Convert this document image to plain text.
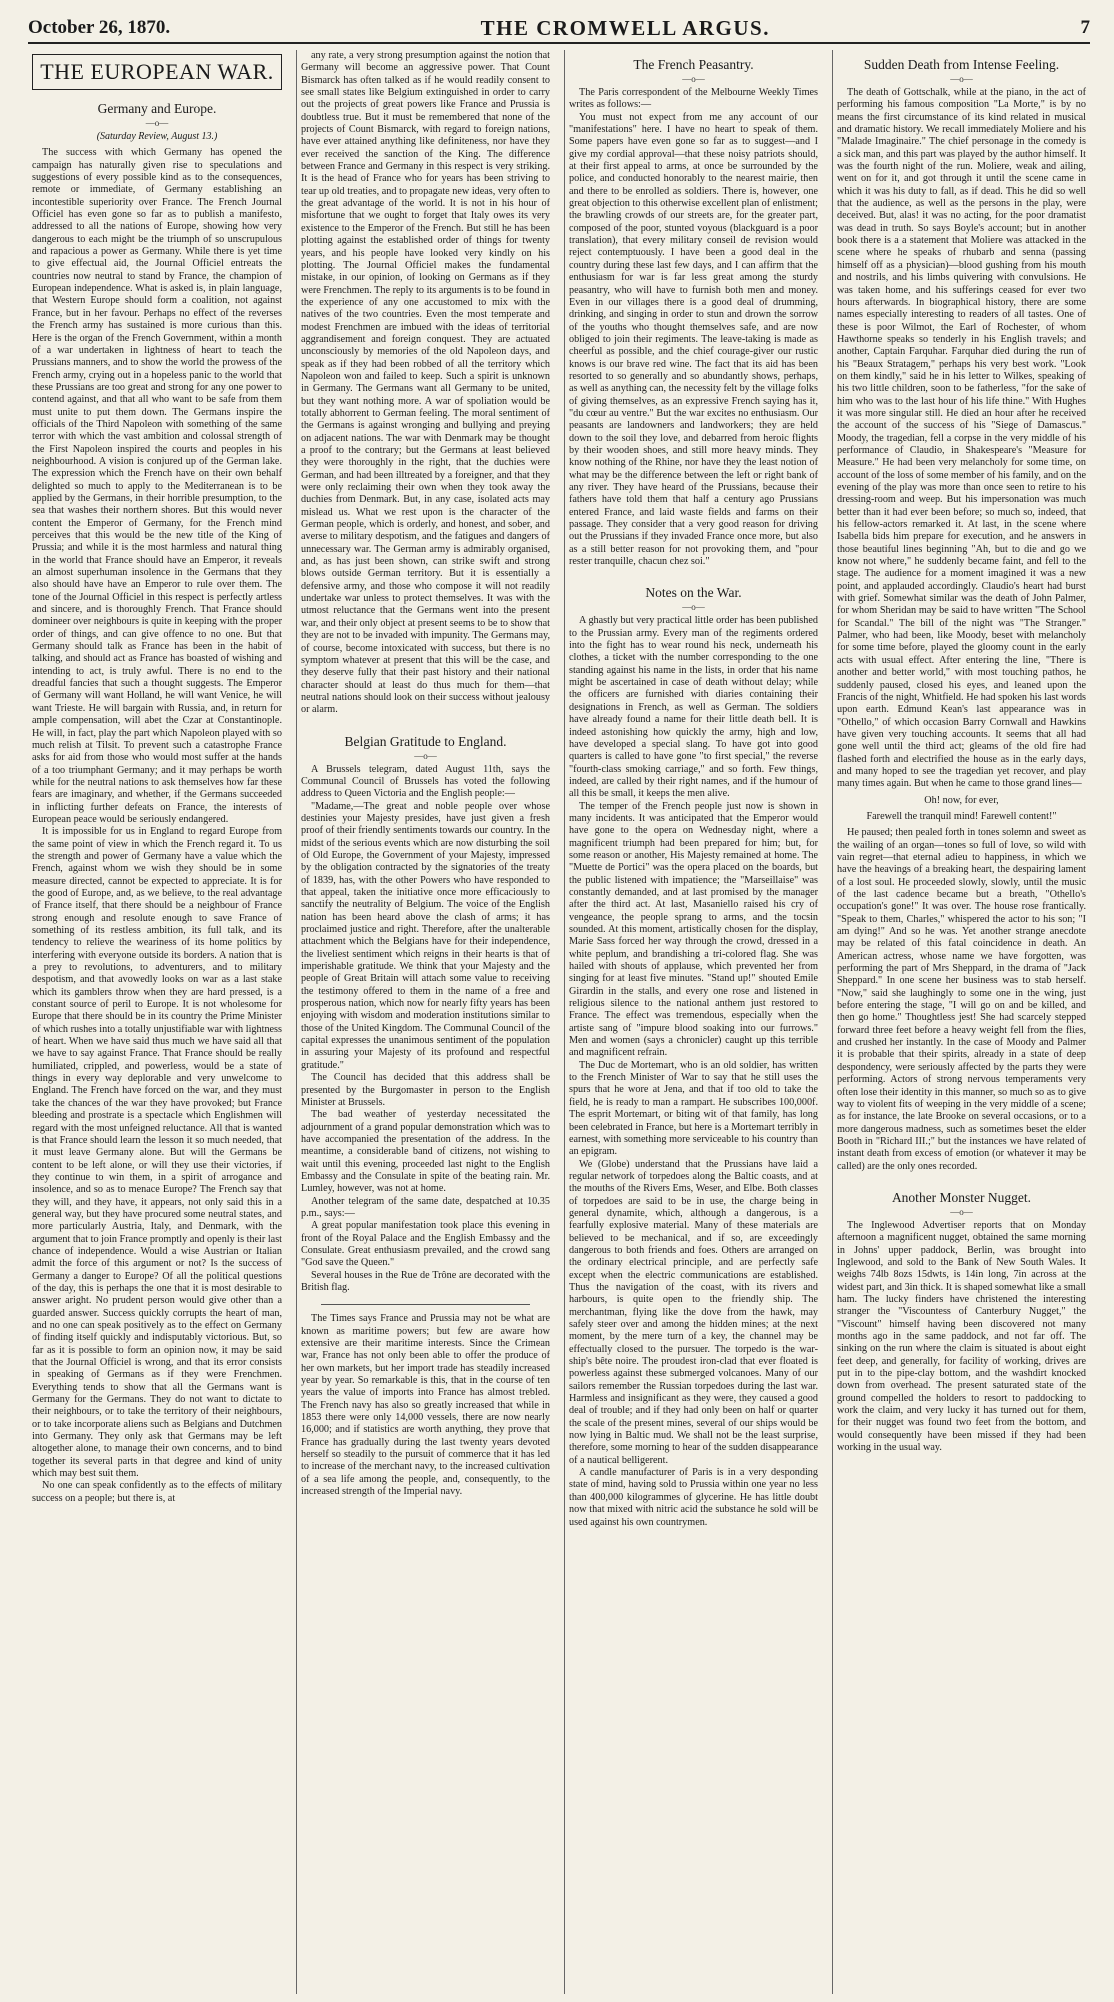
October 26, 1870.	THE CROMWELL ARGUS.	7
THE EUROPEAN WAR.
Germany and Europe.
—o—
(Saturday Review, August 13.)

The success with which Germany has opened the campaign has naturally given rise to speculations and suggestions of every possible kind as to the consequences, remote or immediate, of Germany establishing an incontestible superiority over France. The French Journal Officiel has even gone so far as to publish a manifesto, addressed to all the nations of Europe, showing how very dangerous to each might be the triumph of so unscrupulous and rapacious a power as Germany. While there is yet time to give effectual aid, the Journal Officiel entreats the countries now neutral to stand by France, the champion of European independence. What is asked is, in plain language, that Western Europe should form a coalition, not against France, but in her favour. Perhaps no effect of the reverses the French army has sustained is more curious than this. Here is the organ of the French Government, within a month of a war undertaken in lightness of heart to teach the Prussians manners, and to show the world the prowess of the French army, crying out in a hopeless panic to the world that these Prussians are too great and strong for any one power to contend against, and that all who want to be safe from them must unite to put them down. The Germans inspire the officials of the Third Napoleon with something of the same terror with which the vast ambition and colossal strength of the First Napoleon inspired the courts and peoples in his neighbourhood. A vision is conjured up of the German lake. The expression which the French have on their own behalf delighted so much to apply to the Mediterranean is to be applied by the Germans, in their horrible presumption, to the sea that washes their northern shores. But this would never content the Emperor of Germany, for the French mind perceives that this would be the new title of the King of Prussia; and while it is the most harmless and natural thing in the world that France should have an Emperor, it reveals an almost superhuman insolence in the Germans that they also should have have an Emperor to rule over them. The tone of the Journal Officiel in this respect is perfectly artless and sincere, and is thoroughly French. That France should domineer over neighbours is quite in keeping with the proper order of things, and can give offence to no one. But that Germany should talk as France has been in the habit of talking, and should act as France has boasted of wishing and intending to act, is truly awful. There is no end to the dreadful fancies that such a thought suggests. The Emperor of Germany will want Holland, he will want Venice, he will want Trieste. He will bargain with Russia, and, in return for ample compensation, will abet the Czar at Constantinople. He will, in fact, play the part which Napoleon played with so much relish at Tilsit. To prevent such a catastrophe France asks for aid from those who would most suffer at the hands of a too triumphant Germany; and it may perhaps be worth while for the neutral nations to ask themselves how far these fears are imaginary, and whether, if the Germans succeeded in inflicting further defeats on France, the interests of European peace would be seriously endangered.

It is impossible for us in England to regard Europe from the same point of view in which the French regard it. To us the strength and power of Germany have a value which the French, against whom we wish they should be in some measure directed, cannot be expected to appreciate. It is for the good of Europe, and, as we believe, to the real advantage of France itself, that there should be a neighbour of France strong enough and resolute enough to save France of something of its restless ambition, its full talk, and its tendency to relieve the weariness of its home politics by interfering with everyone outside its borders. A nation that is a prey to revolutions, to adventurers, and to military despotism, and that avowedly looks on war as a last stake which its gamblers throw when they are hard pressed, is a constant source of peril to Europe. It is not wholesome for Europe that there should be in its country the Prime Minister of which rushes into a totally unjustifiable war with lightness of heart. When we have said thus much we have said all that we have to say against France. That France should be really humiliated, crippled, and powerless, would be a state of things in every way deplorable and very unwelcome to England. The French have forced on the war, and they must take the chances of the war they have provoked; but France bleeding and prostrate is a spectacle which Englishmen will regard with the most unfeigned reluctance. All that is wanted is that France should learn the lesson it so much needed, that it must leave Germany alone. But will the Germans be content to be left alone, or will they use their victories, if they continue to win them, in a spirit of arrogance and insolence, and so as to menace Europe? The French say that they will, and they have, it appears, not only said this in a general way, but they have procured some neutral states, and more particularly Austria, Italy, and Denmark, with the argument that to join France promptly and openly is their last chance of independence. Would a wise Austrian or Italian admit the force of this argument or not? Is the success of Germany a danger to Europe? Of all the political questions of the day, this is perhaps the one that it is most desirable to answer aright. No prudent person would give other than a guarded answer. Success quickly corrupts the heart of man, and no one can speak positively as to the effect on Germany of finding itself quickly and indisputably victorious. But, so far as it is possible to form an opinion now, it may be said that the Journal Officiel is wrong, and that its error consists in speaking of Germans as if they were Frenchmen. Everything tends to show that all the Germans want is Germany for the Germans. They do not want to dictate to their neighbours, or to take the territory of their neighbours, or to take incorporate aliens such as Belgians and Dutchmen into Germany. They only ask that Germans may be left altogether alone, to manage their own concerns, and to bind together its several parts in that degree and kind of unity which may best suit them.

No one can speak confidently as to the effects of military success on a people; but there is, at

any rate, a very strong presumption against the notion that Germany will become an aggressive power. That Count Bismarck has often talked as if he would readily consent to see small states like Belgium extinguished in order to carry out the projects of great powers like France and Prussia is doubtless true. But it must be remembered that none of the projects of Count Bismarck, with regard to foreign nations, have ever attained anything like definiteness, nor have they ever received the sanction of the King. The difference between France and Germany in this respect is very striking. It is the head of France who for years has been striving to tear up old treaties, and to propagate new ideas, very often to the great advantage of the world. It is not in his hour of misfortune that we ought to forget that Italy owes its very existence to the Emperor of the French. But still he has been plotting against the established order of things for twenty years, and his people have looked very kindly on his plotting. The Journal Officiel makes the fundamental mistake, in our opinion, of looking on Germans as if they were Frenchmen. The reply to its arguments is to be found in the experience of any one accustomed to mix with the natives of the two countries. Even the most temperate and modest Frenchmen are imbued with the ideas of territorial aggrandisement and foreign conquest. They are actuated unconsciously by memories of the old Napoleon days, and speak as if they had been robbed of all the territory which Napoleon won and failed to keep. Such a spirit is unknown in Germany. The Germans want all Germany to be united, but they want nothing more. A war of spoliation would be totally abhorrent to German feeling. The moral sentiment of the Germans is against wronging and bullying and preying on adjacent nations. The war with Denmark may be thought a proof to the contrary; but the Germans at least believed they were thoroughly in the right, that the duchies were German, and had been illtreated by a foreigner, and that they were only reclaiming their own when they took away the duchies from Denmark. But, in any case, isolated acts may mislead us. What we rest upon is the character of the German people, which is orderly, and honest, and sober, and averse to military despotism, and the fatigues and dangers of unnecessary war. The German army is admirably organised, and, as has just been shown, can strike swift and strong blows outside German territory. But it is essentially a defensive army, and those who compose it will not readily undertake war unless to protect themselves. It was with the utmost reluctance that the Germans went into the present war, and their only object at present seems to be to show that they are not to be invaded with impunity. The Germans may, of course, become intoxicated with success, but there is no symptom whatever at present that this will be the case, and they deserve fully that their past history and their national character should at least do thus much for them—that neutral nations should look on their success without jealousy or alarm.

Belgian Gratitude to England.
—o—

A Brussels telegram, dated August 11th, says the Communal Council of Brussels has voted the following address to Queen Victoria and the English people:—

"Madame,—The great and noble people over whose destinies your Majesty presides, have just given a fresh proof of their friendly sentiments towards our country. In the midst of the serious events which are now disturbing the soil of Old Europe, the Government of your Majesty, impressed by the obligation contracted by the signatories of the treaty of 1839, has, with the other Powers who have responded to that appeal, taken the initiative once more efficaciously to sanctify the neutrality of Belgium. The voice of the English nation has been heard above the clash of arms; it has proclaimed justice and right. Therefore, after the unalterable attachment which the Belgians have for their independence, the liveliest sentiment which reigns in their hearts is that of imperishable gratitude. We think that your Majesty and the people of Great Britain will attach some value to receiving the testimony offered to them in the name of a free and prosperous nation, which now for nearly fifty years has been enjoying with wisdom and moderation institutions similar to those of the United Kingdom. The Communal Council of the capital expresses the unanimous sentiment of the population in assuring your Majesty of its profound and respectful gratitude."

The Council has decided that this address shall be presented by the Burgomaster in person to the English Minister at Brussels.

The bad weather of yesterday necessitated the adjournment of a grand popular demonstration which was to have accompanied the presentation of the address. In the meantime, a considerable band of citizens, not wishing to wait until this evening, proceeded last night to the English Embassy and the Consulate in spite of the beating rain. Mr. Lumley, however, was not at home.

Another telegram of the same date, despatched at 10.35 p.m., says:—

A great popular manifestation took place this evening in front of the Royal Palace and the English Embassy and the Consulate. Great enthusiasm prevailed, and the crowd sang "God save the Queen."

Several houses in the Rue de Trône are decorated with the British flag.

The Times says France and Prussia may not be what are known as maritime powers; but few are aware how extensive are their maritime interests. Since the Crimean war, France has not only been able to offer the produce of her own markets, but her import trade has steadily increased year by year. So remarkable is this, that in the course of ten years the value of imports into France has almost trebled. The French navy has also so greatly increased that while in 1853 there were only 14,000 vessels, there are now nearly 16,000; and if statistics are worth anything, they prove that France has gradually during the last twenty years devoted herself so steadily to the pursuit of commerce that it has led to increase of the merchant navy, to the increased cultivation of a sea life among the people, and, consequently, to the increased strength of the Imperial navy.

The French Peasantry.
—o—

The Paris correspondent of the Melbourne Weekly Times writes as follows:—

You must not expect from me any account of our "manifestations" here. I have no heart to speak of them. Some papers have even gone so far as to suggest—and I give my cordial approval—that these noisy patriots should, at their first appeal to arms, at once be surrounded by the police, and conducted honorably to the nearest mairie, then and there to be enrolled as soldiers. There is, however, one great objection to this otherwise excellent plan of enlistment; the brawling crowds of our streets are, for the greater part, composed of the poor, stunted voyous (blackguard is a poor translation), that every military conseil de revision would reject contemptuously. I have been a good deal in the country during these last few days, and I can affirm that the enthusiasm for war is far less great among the sturdy peasantry, who will have to furnish both men and money. Even in our villages there is a good deal of drumming, drinking, and singing in order to stun and drown the sorrow of the youths who thought themselves safe, and are now obliged to join their regiments. The leave-taking is made as cheerful as possible, and the chief courage-giver our rustic knows is our brave red wine. The fact that its aid has been resorted to so generally and so abundantly shows, perhaps, as well as anything can, the necessity felt by the village folks of giving themselves, as an expressive French saying has it, "du cœur au ventre." But the war excites no enthusiasm. Our peasants are landowners and landworkers; they are held down to the soil they love, and debarred from heroic flights by their wooden shoes, and still more heavy minds. They know nothing of the Rhine, nor have they the least notion of what may be the difference between the left or right bank of any river. They have heard of the Prussians, because their fathers have told them that half a century ago Prussians entered France, and laid waste fields and farms on their passage. They consider that a very good reason for driving out the Prussians if they invaded France once more, but also as a still better reason for not provoking them, and "pour rester tranquille, chacun chez soi."

Notes on the War.
—o—

A ghastly but very practical little order has been published to the Prussian army. Every man of the regiments ordered into the fight has to wear round his neck, underneath his clothes, a ticket with the number corresponding to the one standing against his name in the lists, in order that his name might be ascertained in case of death without delay; while the officers are furnished with diaries containing their designations in French, as well as German. The soldiers have already found a name for their little death bell. It is indeed astonishing how quickly the army, high and low, have developed a special slang. To have got into good quarters is called to have gone "to first special," the reverse "fourth-class smoking carriage," and so forth. Few things, indeed, are called by their right names, and if the humour of all this be small, it keeps the men alive.

The temper of the French people just now is shown in many incidents. It was anticipated that the Emperor would have gone to the opera on Wednesday night, where a magnificent triumph had been prepared for him; but, for some reason or another, His Majesty remained at home. The "Muette de Portici" was the opera placed on the boards, but the public listened with impatience; the "Marseillaise" was constantly demanded, and at last promised by the manager after the third act. At last, Masaniello raised his cry of vengeance, the people sprang to arms, and the tocsin sounded. At this moment, artistically chosen for the display, Marie Sass forced her way through the crowd, dressed in a white peplum, and brandishing a tri-colored flag. She was hailed with shouts of applause, which prevented her from singing for at least five minutes. "Stand up!" shouted Emile Girardin in the stalls, and every one rose and listened in religious silence to the national anthem just restored to France. The effect was tremendous, especially when the artiste sang of "impure blood soaking into our furrows." Men and women (says a chronicler) caught up this terrible and magnificent refrain.

The Duc de Mortemart, who is an old soldier, has written to the French Minister of War to say that he still uses the spurs that he wore at Jena, and that if too old to take the field, he is ready to man a rampart. He subscribes 100,000f. The esprit Mortemart, or biting wit of that family, has long been celebrated in France, but here is a Mortemart terribly in earnest, with something more serviceable to his country than an epigram.

We (Globe) understand that the Prussians have laid a regular network of torpedoes along the Baltic coasts, and at the mouths of the Rivers Ems, Weser, and Elbe. Both classes of torpedoes are said to be in use, the charge being in general dynamite, which, although a dangerous, is a fearfully explosive material. Many of these materials are believed to be mechanical, and if so, are exceedingly dangerous to both friends and foes. Others are arranged on the ordinary electrical principle, and are perfectly safe except when the electric communications are established. Thus the navigation of the coast, with its rivers and harbours, is quite open to the friendly ship. The merchantman, flying like the dove from the hawk, may safely steer over and among the hidden mines; at the next moment, by the mere turn of a key, the channel may be effectually closed to the pursuer. The torpedo is the war-ship's bête noire. The proudest iron-clad that ever floated is powerless against these submerged volcanoes. Many of our sailors remember the Russian torpedoes during the last war. Harmless and insignificant as they were, they caused a good deal of trouble; and if they had only been on half or quarter the scale of the present mines, several of our ships would be now lying in Baltic mud. We shall not be the least surprise, therefore, some morning to hear of the sudden disappearance of a nautical belligerent.

A candle manufacturer of Paris is in a very desponding state of mind, having sold to Prussia within one year no less than 400,000 kilogrammes of glycerine. He has little doubt now that mixed with nitric acid the substance he sold will be used against his own countrymen.

Sudden Death from Intense Feeling.
—o—

The death of Gottschalk, while at the piano, in the act of performing his famous composition "La Morte," is by no means the first circumstance of its kind related in musical and dramatic history. We recall immediately Moliere and his "Malade Imaginaire." The chief personage in the comedy is a sick man, and this part was played by the author himself. It was the fourth night of the run. Moliere, weak and ailing, went on for it, and got through it until the scene came in which it was his duty to fall, as if dead. This he did so well that the audience, as well as the persons in the play, were deceived. But, alas! it was no acting, for the poor dramatist was dead in truth. So says Boyle's account; but in another book there is a a statement that Moliere was attacked in the scene where he speaks of rhubarb and senna (passing himself off as a physician)—blood gushing from his mouth and nostrils, and his limbs quivering with convulsions. He was taken home, and his sufferings ceased for ever two hours afterwards. In biographical history, there are some names especially interesting to readers of all tastes. One of these is poor Wilmot, the Earl of Rochester, of whom Hawthorne speaks so tenderly in his English travels; and another, Captain Farquhar. Farquhar died during the run of his "Beaux Stratagem," perhaps his very best work. "Look on them kindly," said he in his letter to Wilkes, speaking of his two little children, soon to be fatherless, "for the sake of him who was to the last hour of his life thine." With Hughes it was more singular still. He died an hour after he received the account of the success of his "Siege of Damascus." Moody, the tragedian, fell a corpse in the very middle of his performance of Claudio, in Shakespeare's "Measure for Measure." He had been very melancholy for some time, on account of the loss of some member of his family, and on the evening of the play was more than once seen to retire to his dressing-room and weep. But his impersonation was much better than it had ever been before; so much so, indeed, that his fellow-actors remarked it. At last, in the scene where Isabella bids him prepare for execution, and he answers in those beautiful lines beginning "Ah, but to die and go we know not where," he suddenly became faint, and fell to the stage. The audience for a moment imagined it was a new point, and applauded accordingly. Claudio's heart had burst with grief. Somewhat similar was the death of John Palmer, for whom Sheridan may be said to have written "The School for Scandal." The bill of the night was "The Stranger." Palmer, who had been, like Moody, beset with melancholy for some time before, played the gloomy count in the early acts with usual effect. After entering the line, "There is another and better world," with most touching pathos, he suddenly paused, closed his eyes, and leaned upon the Francis of the night, Whitfield. He had spoken his last words upon earth. Edmund Kean's last appearance was in "Othello," of which occasion Barry Cornwall and Hawkins have given very touching accounts. It seems that all had gone well until the third act; gleams of the old fire had flashed forth and electrified the house as in the early days, and many hoped to see the tragedian yet recover, and play many times again. But when he came to those grand lines—

Oh! now, for ever,
Farewell the tranquil mind! Farewell content!"

He paused; then pealed forth in tones solemn and sweet as the wailing of an organ—tones so full of love, so wild with vain regret—that eternal adieu to happiness, in which we have the heavings of a breaking heart, the despairing lament of a lost soul. He proceeded slowly, slowly, until the music of the last cadence became but a breath, "Othello's occupation's gone!" It was over. The house rose frantically. "Speak to them, Charles," whispered the actor to his son; "I am dying!" And so he was. Yet another strange anecdote may be related of this fatal coincidence in death. An American actress, whose name we have forgotten, was performing the part of Mrs Sheppard, in the drama of "Jack Sheppard." In one scene her business was to stab herself. "Now," said she laughingly to some one in the wing, just before entering the stage, "I will go on and be killed, and then go home." Thoughtless jest! She had scarcely stepped forward three feet before a heavy weight fell from the flies, and crushed her instantly. In the case of Moody and Palmer it is probable that their spirits, already in a state of deep despondency, were seriously affected by the parts they were performing. Actors of strong nervous temperaments very often lose their identity in this manner, so much so as to give way to violent fits of weeping in the very middle of a scene; as for instance, the late Brooke on several occasions, or to a more dangerous madness, such as sometimes beset the elder Booth in "Richard III.;" but the instances we have related of instant death from excess of emotion (or whatever it may be called) are the only ones recorded.

Another Monster Nugget.
—o—

The Inglewood Advertiser reports that on Monday afternoon a magnificent nugget, obtained the same morning in Johns' upper paddock, Berlin, was brought into Inglewood, and sold to the Bank of New South Wales. It weighs 74lb 8ozs 15dwts, is 14in long, 7in across at the widest part, and 3in thick. It is shaped somewhat like a small ham. The lucky finders have christened the interesting stranger the "Viscountess of Canterbury Nugget," the "Viscount" himself having been discovered not many months ago in the same paddock, and not far off. The sinking on the run where the claim is situated is about eight feet deep, and generally, for facility of working, drives are put in to the pipe-clay bottom, and the washdirt knocked down from overhead. The present saturated state of the ground compelled the holders to resort to paddocking to work the claim, and very lucky it has turned out for them, for their nugget was found two feet from the bottom, and would consequently have been missed if they had been working in the usual way.
